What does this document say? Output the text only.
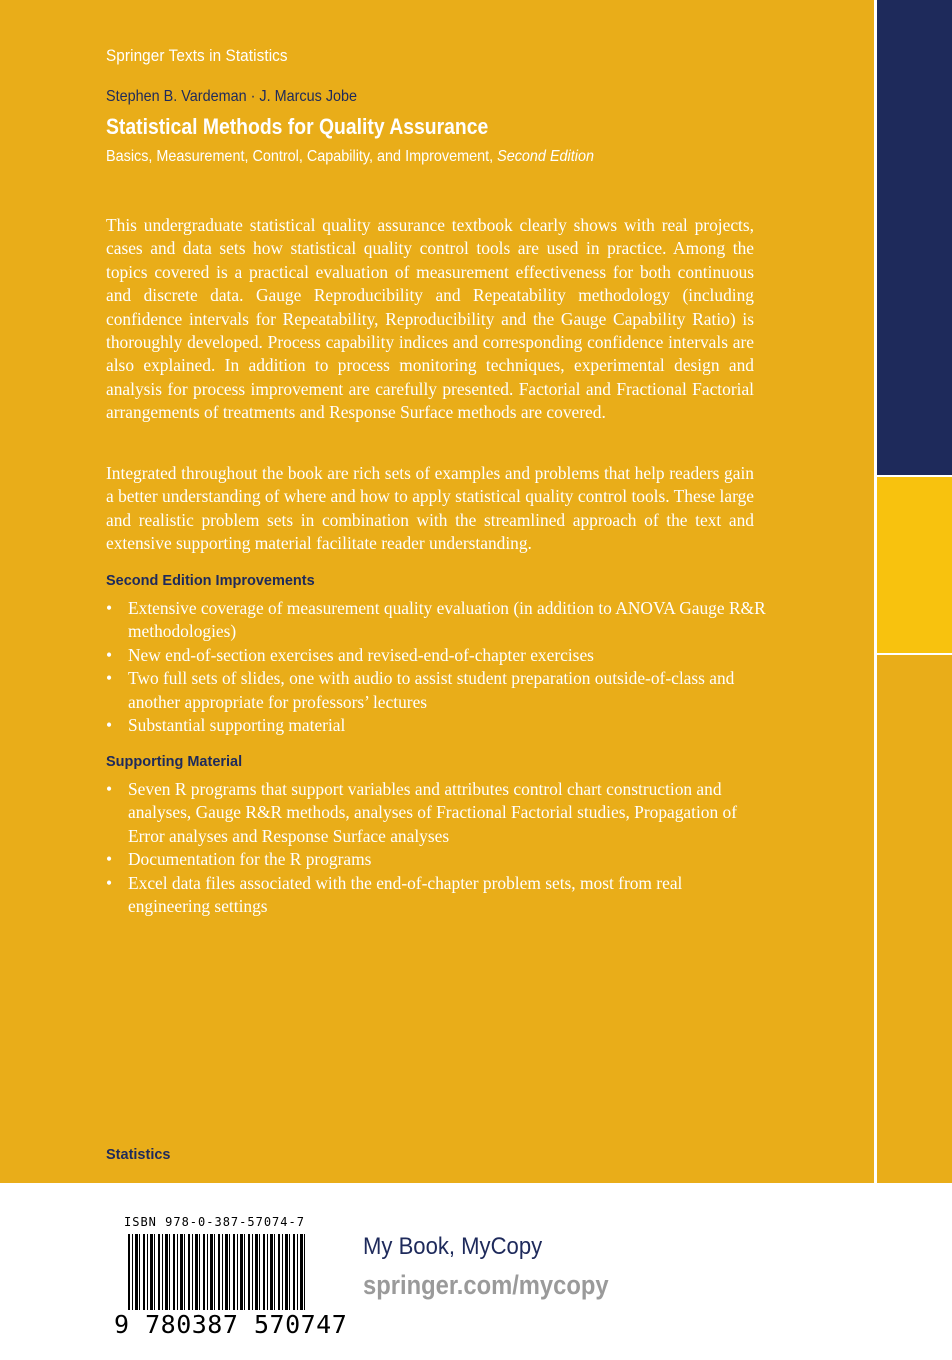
Springer Texts in Statistics
Stephen B. Vardeman · J. Marcus Jobe
Statistical Methods for Quality Assurance
Basics, Measurement, Control, Capability, and Improvement, Second Edition

This undergraduate statistical quality assurance textbook clearly shows with real projects, cases and data sets how statistical quality control tools are used in practice. Among the topics covered is a practical evaluation of measurement effectiveness for both continuous and discrete data. Gauge Reproducibility and Repeatability methodology (including confidence intervals for Repeatability, Reproducibility and the Gauge Capability Ratio) is thoroughly developed. Process capability indices and corresponding confidence intervals are also explained. In addition to process monitoring techniques, experimental design and analysis for process improvement are carefully presented. Factorial and Fractional Factorial arrangements of treatments and Response Surface methods are covered.

Integrated throughout the book are rich sets of examples and problems that help readers gain a better understanding of where and how to apply statistical quality control tools. These large and realistic problem sets in combination with the streamlined approach of the text and extensive supporting material facilitate reader understanding.

Second Edition Improvements
• Extensive coverage of measurement quality evaluation (in addition to ANOVA Gauge R&R methodologies)
• New end-of-section exercises and revised-end-of-chapter exercises
• Two full sets of slides, one with audio to assist student preparation outside-of-class and another appropriate for professors’ lectures
• Substantial supporting material
Supporting Material
• Seven R programs that support variables and attributes control chart construction and analyses, Gauge R&R methods, analyses of Fractional Factorial studies, Propagation of Error analyses and Response Surface analyses
• Documentation for the R programs
• Excel data files associated with the end-of-chapter problem sets, most from real engineering settings
Statistics
ISBN 978-0-387-57074-7
9 780387 570747
My Book, MyCopy
springer.com/mycopy
